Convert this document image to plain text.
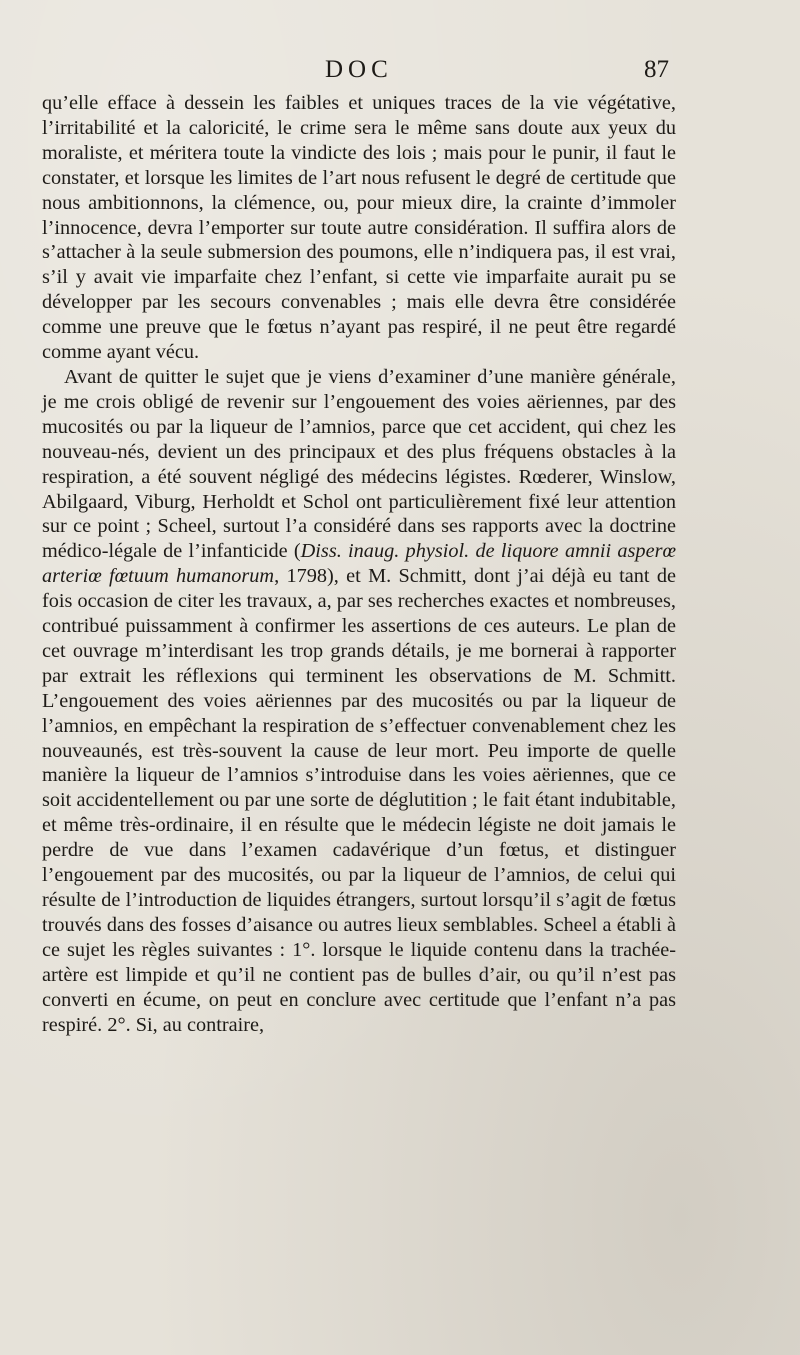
DOC	87

qu’elle efface à dessein les faibles et uniques traces de la vie végétative, l’irritabilité et la caloricité, le crime sera le même sans doute aux yeux du moraliste, et méritera toute la vindicte des lois ; mais pour le punir, il faut le constater, et lorsque les limites de l’art nous refusent le degré de certitude que nous ambitionnons, la clémence, ou, pour mieux dire, la crainte d’immoler l’innocence, devra l’emporter sur toute autre considération. Il suffira alors de s’attacher à la seule submersion des poumons, elle n’indiquera pas, il est vrai, s’il y avait vie imparfaite chez l’enfant, si cette vie imparfaite aurait pu se développer par les secours convenables ; mais elle devra être considérée comme une preuve que le fœtus n’ayant pas respiré, il ne peut être regardé comme ayant vécu.

Avant de quitter le sujet que je viens d’examiner d’une manière générale, je me crois obligé de revenir sur l’engouement des voies aëriennes, par des mucosités ou par la liqueur de l’amnios, parce que cet accident, qui chez les nouveau-nés, devient un des principaux et des plus fréquens obstacles à la respiration, a été souvent négligé des médecins légistes. Rœderer, Winslow, Abilgaard, Viburg, Herholdt et Schol ont particulièrement fixé leur attention sur ce point ; Scheel, surtout l’a considéré dans ses rapports avec la doctrine médico-légale de l’infanticide (Diss. inaug. physiol. de liquore amnii asperœ arteriœ fœtuum humanorum, 1798), et M. Schmitt, dont j’ai déjà eu tant de fois occasion de citer les travaux, a, par ses recherches exactes et nombreuses, contribué puissamment à confirmer les assertions de ces auteurs. Le plan de cet ouvrage m’interdisant les trop grands détails, je me bornerai à rapporter par extrait les réflexions qui terminent les observations de M. Schmitt. L’engouement des voies aëriennes par des mucosités ou par la liqueur de l’amnios, en empêchant la respiration de s’effectuer convenablement chez les nouveaunés, est très-souvent la cause de leur mort. Peu importe de quelle manière la liqueur de l’amnios s’introduise dans les voies aëriennes, que ce soit accidentellement ou par une sorte de déglutition ; le fait étant indubitable, et même très-ordinaire, il en résulte que le médecin légiste ne doit jamais le perdre de vue dans l’examen cadavérique d’un fœtus, et distinguer l’engouement par des mucosités, ou par la liqueur de l’amnios, de celui qui résulte de l’introduction de liquides étrangers, surtout lorsqu’il s’agit de fœtus trouvés dans des fosses d’aisance ou autres lieux semblables. Scheel a établi à ce sujet les règles suivantes : 1°. lorsque le liquide contenu dans la trachée-artère est limpide et qu’il ne contient pas de bulles d’air, ou qu’il n’est pas converti en écume, on peut en conclure avec certitude que l’enfant n’a pas respiré. 2°. Si, au contraire,
